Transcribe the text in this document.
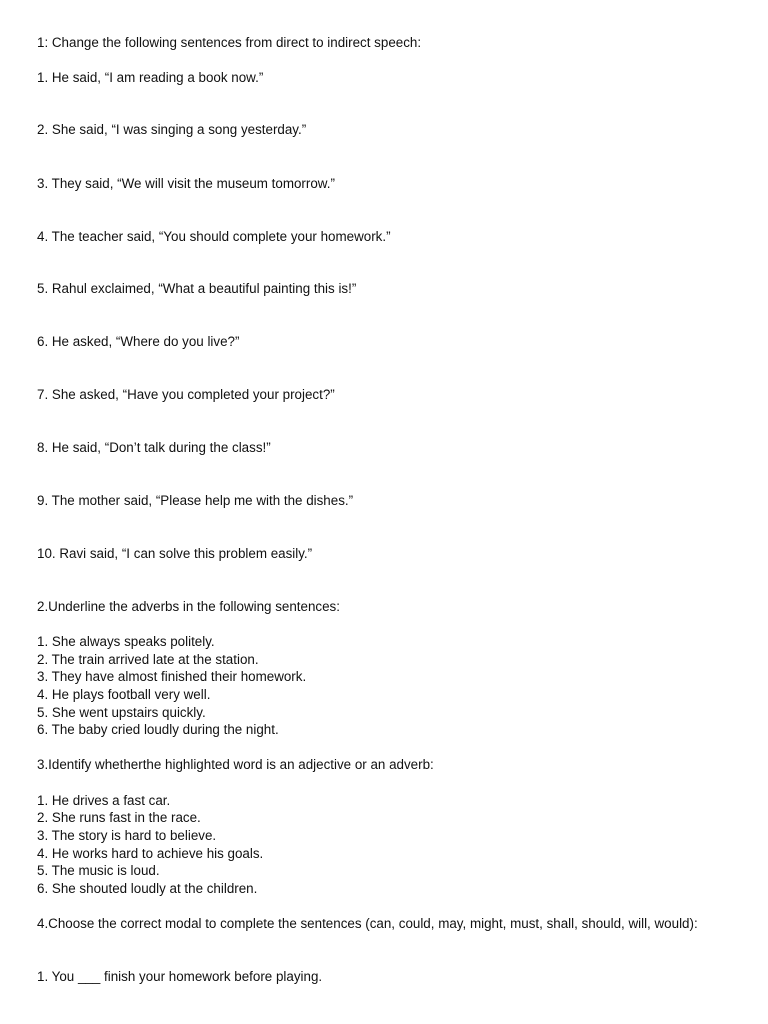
1: Change the following sentences from direct to indirect speech:
1. He said, “I am reading a book now.”
2. She said, “I was singing a song yesterday.”
3. They said, “We will visit the museum tomorrow.”
4. The teacher said, “You should complete your homework.”
5. Rahul exclaimed, “What a beautiful painting this is!”
6. He asked, “Where do you live?”
7. She asked, “Have you completed your project?”
8. He said, “Don’t talk during the class!”
9. The mother said, “Please help me with the dishes.”
10. Ravi said, “I can solve this problem easily.”
2.Underline the adverbs in the following sentences:
1. She always speaks politely.
2. The train arrived late at the station.
3. They have almost finished their homework.
4. He plays football very well.
5. She went upstairs quickly.
6. The baby cried loudly during the night.
3.Identify whetherthe highlighted word is an adjective or an adverb:
1. He drives a fast car.
2. She runs fast in the race.
3. The story is hard to believe.
4. He works hard to achieve his goals.
5. The music is loud.
6. She shouted loudly at the children.
4.Choose the correct modal to complete the sentences (can, could, may, might, must, shall, should, will, would):
1. You ___ finish your homework before playing.
